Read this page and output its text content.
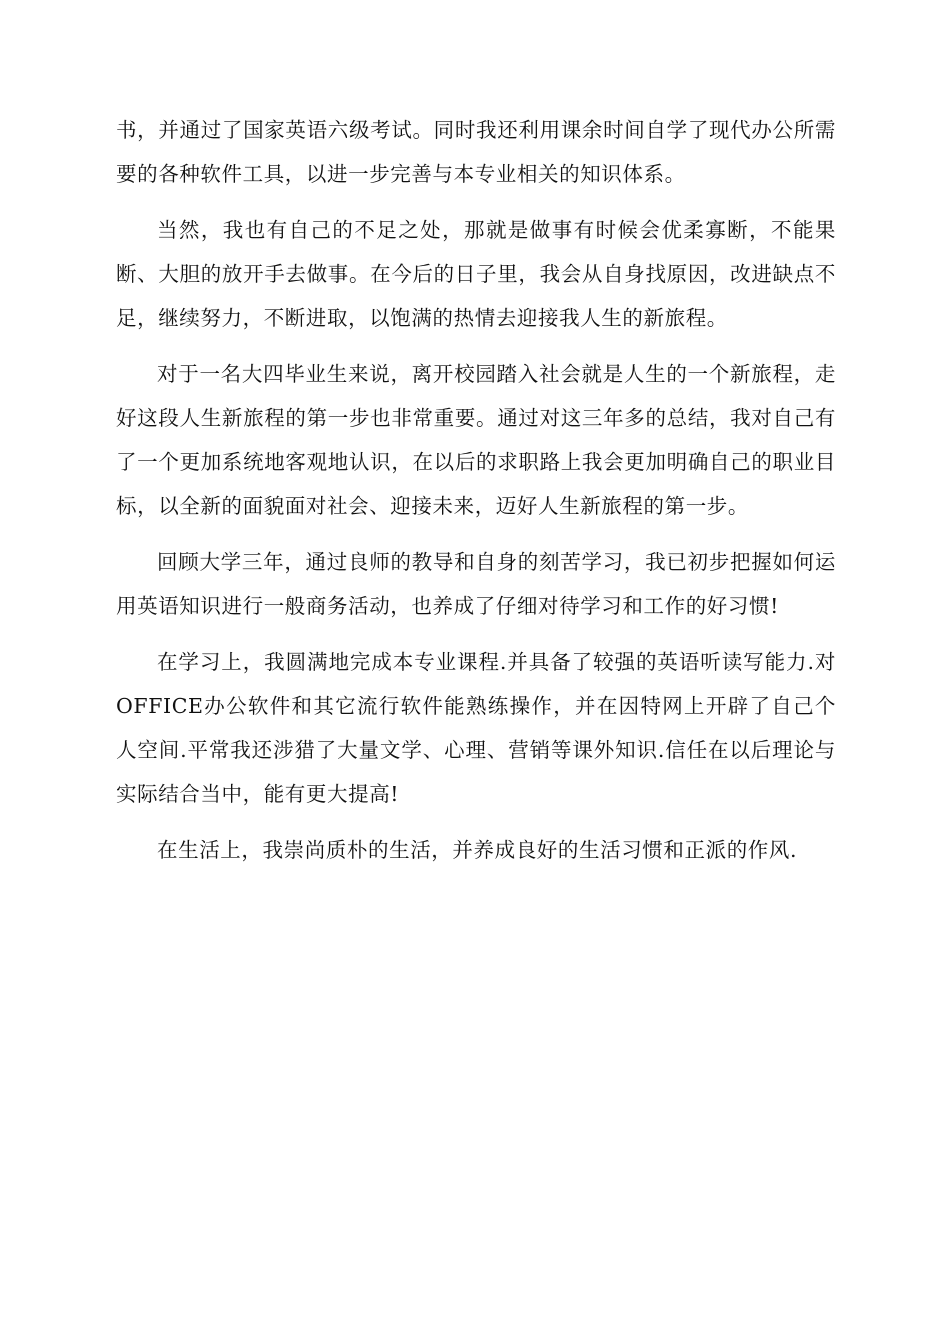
书，并通过了国家英语六级考试。同时我还利用课余时间自学了现代办公所需要的各种软件工具，以进一步完善与本专业相关的知识体系。

当然，我也有自己的不足之处，那就是做事有时候会优柔寡断，不能果断、大胆的放开手去做事。在今后的日子里，我会从自身找原因，改进缺点不足，继续努力，不断进取，以饱满的热情去迎接我人生的新旅程。

对于一名大四毕业生来说，离开校园踏入社会就是人生的一个新旅程，走好这段人生新旅程的第一步也非常重要。通过对这三年多的总结，我对自己有了一个更加系统地客观地认识，在以后的求职路上我会更加明确自己的职业目标，以全新的面貌面对社会、迎接未来，迈好人生新旅程的第一步。

回顾大学三年，通过良师的教导和自身的刻苦学习，我已初步把握如何运用英语知识进行一般商务活动，也养成了仔细对待学习和工作的好习惯!

在学习上，我圆满地完成本专业课程.并具备了较强的英语听读写能力.对OFFICE办公软件和其它流行软件能熟练操作，并在因特网上开辟了自己个人空间.平常我还涉猎了大量文学、心理、营销等课外知识.信任在以后理论与实际结合当中，能有更大提高!

在生活上，我崇尚质朴的生活，并养成良好的生活习惯和正派的作风.
